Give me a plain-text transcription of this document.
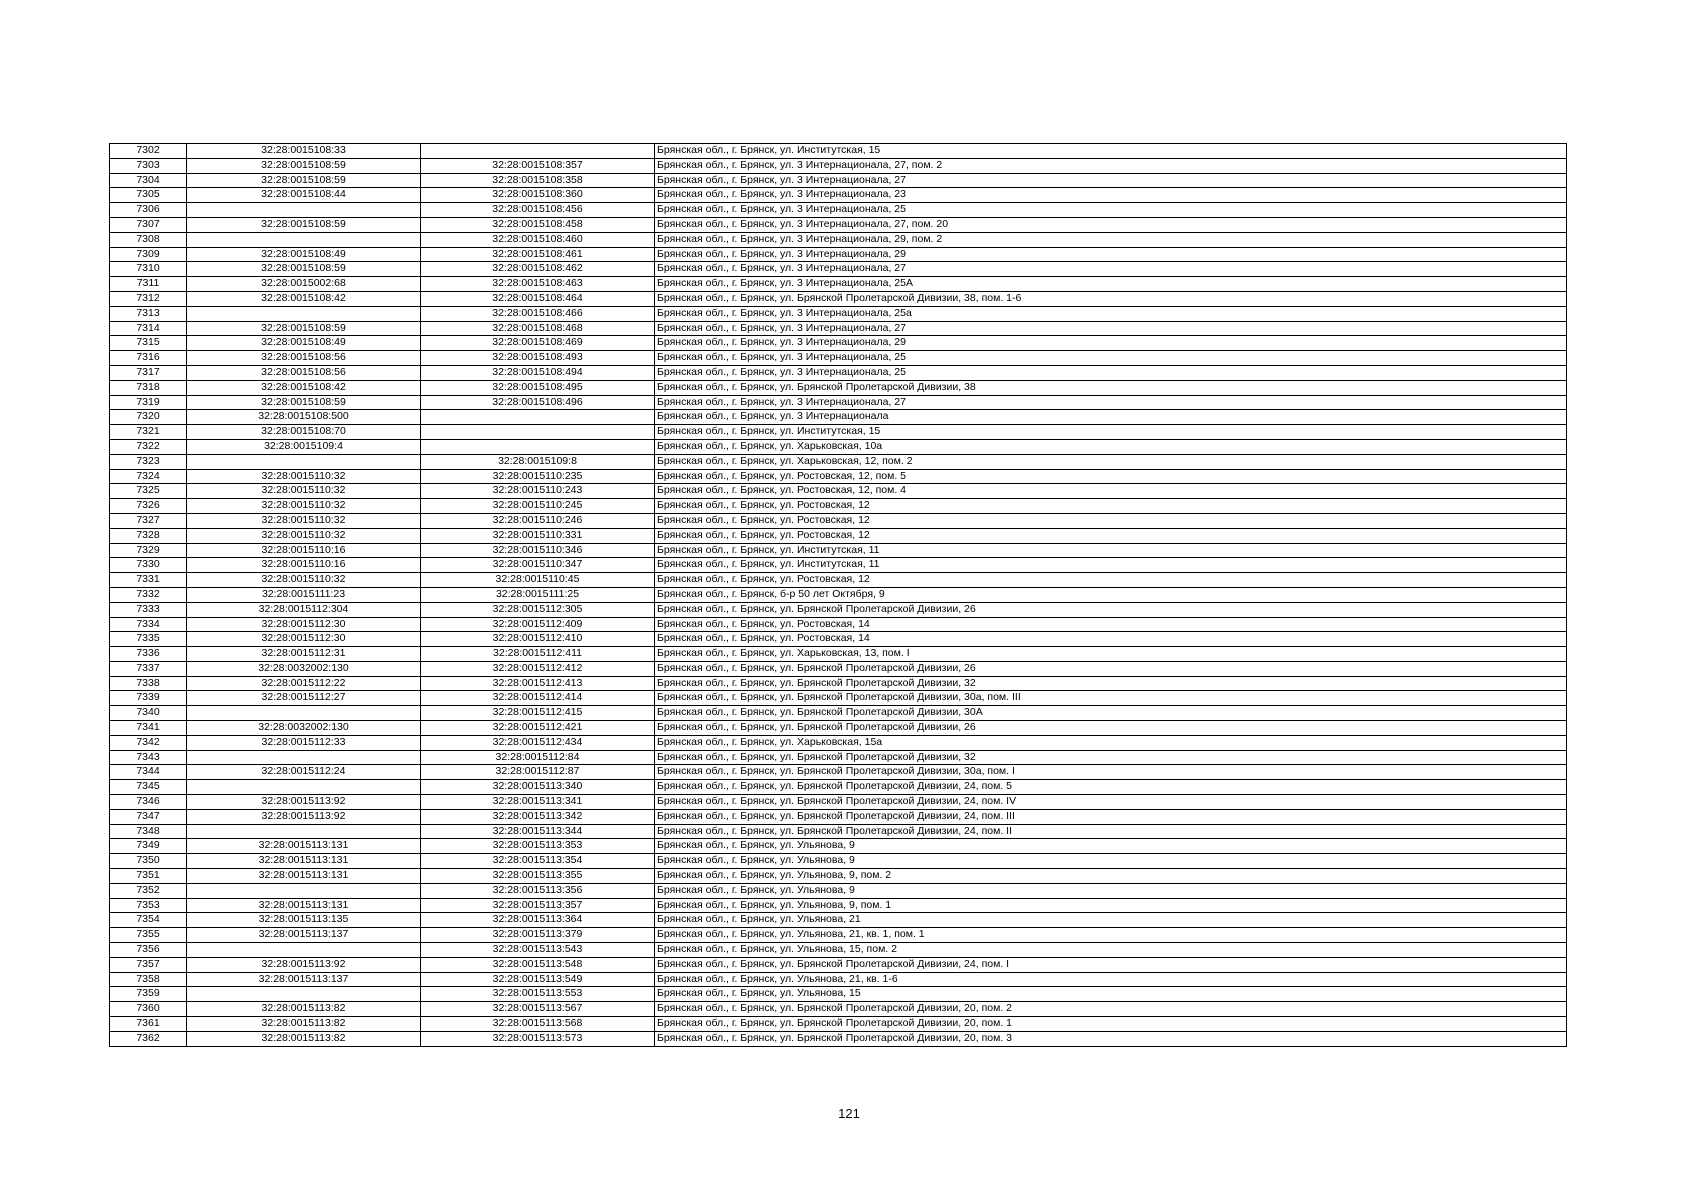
7302	32:28:0015108:33		Брянская обл., г. Брянск, ул. Институтская, 15
7303	32:28:0015108:59	32:28:0015108:357	Брянская обл., г. Брянск, ул. 3 Интернационала, 27, пом. 2
7304	32:28:0015108:59	32:28:0015108:358	Брянская обл., г. Брянск, ул. 3 Интернационала, 27
7305	32:28:0015108:44	32:28:0015108:360	Брянская обл., г. Брянск, ул. 3 Интернационала, 23
7306		32:28:0015108:456	Брянская обл., г. Брянск, ул. 3 Интернационала, 25
7307	32:28:0015108:59	32:28:0015108:458	Брянская обл., г. Брянск, ул. 3 Интернационала, 27, пом. 20
7308		32:28:0015108:460	Брянская обл., г. Брянск, ул. 3 Интернационала, 29, пом. 2
7309	32:28:0015108:49	32:28:0015108:461	Брянская обл., г. Брянск, ул. 3 Интернационала, 29
7310	32:28:0015108:59	32:28:0015108:462	Брянская обл., г. Брянск, ул. 3 Интернационала, 27
7311	32:28:0015002:68	32:28:0015108:463	Брянская обл., г. Брянск, ул. 3 Интернационала, 25А
7312	32:28:0015108:42	32:28:0015108:464	Брянская обл., г. Брянск, ул. Брянской Пролетарской Дивизии, 38, пом. 1-6
7313		32:28:0015108:466	Брянская обл., г. Брянск, ул. 3 Интернационала, 25а
7314	32:28:0015108:59	32:28:0015108:468	Брянская обл., г. Брянск, ул. 3 Интернационала, 27
7315	32:28:0015108:49	32:28:0015108:469	Брянская обл., г. Брянск, ул. 3 Интернационала, 29
7316	32:28:0015108:56	32:28:0015108:493	Брянская обл., г. Брянск, ул. 3 Интернационала, 25
7317	32:28:0015108:56	32:28:0015108:494	Брянская обл., г. Брянск, ул. 3 Интернационала, 25
7318	32:28:0015108:42	32:28:0015108:495	Брянская обл., г. Брянск, ул. Брянской Пролетарской Дивизии, 38
7319	32:28:0015108:59	32:28:0015108:496	Брянская обл., г. Брянск, ул. 3 Интернационала, 27
7320	32:28:0015108:500		Брянская обл., г. Брянск, ул. 3 Интернационала
7321	32:28:0015108:70		Брянская обл., г. Брянск, ул. Институтская, 15
7322	32:28:0015109:4		Брянская обл., г. Брянск, ул. Харьковская, 10а
7323		32:28:0015109:8	Брянская обл., г. Брянск, ул. Харьковская, 12, пом. 2
7324	32:28:0015110:32	32:28:0015110:235	Брянская обл., г. Брянск, ул. Ростовская, 12, пом. 5
7325	32:28:0015110:32	32:28:0015110:243	Брянская обл., г. Брянск, ул. Ростовская, 12, пом. 4
7326	32:28:0015110:32	32:28:0015110:245	Брянская обл., г. Брянск, ул. Ростовская, 12
7327	32:28:0015110:32	32:28:0015110:246	Брянская обл., г. Брянск, ул. Ростовская, 12
7328	32:28:0015110:32	32:28:0015110:331	Брянская обл., г. Брянск, ул. Ростовская, 12
7329	32:28:0015110:16	32:28:0015110:346	Брянская обл., г. Брянск, ул. Институтская, 11
7330	32:28:0015110:16	32:28:0015110:347	Брянская обл., г. Брянск, ул. Институтская, 11
7331	32:28:0015110:32	32:28:0015110:45	Брянская обл., г. Брянск, ул. Ростовская, 12
7332	32:28:0015111:23	32:28:0015111:25	Брянская обл., г. Брянск, б-р 50 лет Октября, 9
7333	32:28:0015112:304	32:28:0015112:305	Брянская обл., г. Брянск, ул. Брянской Пролетарской Дивизии, 26
7334	32:28:0015112:30	32:28:0015112:409	Брянская обл., г. Брянск, ул. Ростовская, 14
7335	32:28:0015112:30	32:28:0015112:410	Брянская обл., г. Брянск, ул. Ростовская, 14
7336	32:28:0015112:31	32:28:0015112:411	Брянская обл., г. Брянск, ул. Харьковская, 13, пом. I
7337	32:28:0032002:130	32:28:0015112:412	Брянская обл., г. Брянск, ул. Брянской Пролетарской Дивизии, 26
7338	32:28:0015112:22	32:28:0015112:413	Брянская обл., г. Брянск, ул. Брянской Пролетарской Дивизии, 32
7339	32:28:0015112:27	32:28:0015112:414	Брянская обл., г. Брянск, ул. Брянской Пролетарской Дивизии, 30а, пом. III
7340		32:28:0015112:415	Брянская обл., г. Брянск, ул. Брянской Пролетарской Дивизии, 30А
7341	32:28:0032002:130	32:28:0015112:421	Брянская обл., г. Брянск, ул. Брянской Пролетарской Дивизии, 26
7342	32:28:0015112:33	32:28:0015112:434	Брянская обл., г. Брянск, ул. Харьковская, 15а
7343		32:28:0015112:84	Брянская обл., г. Брянск, ул. Брянской Пролетарской Дивизии, 32
7344	32:28:0015112:24	32:28:0015112:87	Брянская обл., г. Брянск, ул. Брянской Пролетарской Дивизии, 30а, пом. I
7345		32:28:0015113:340	Брянская обл., г. Брянск, ул. Брянской Пролетарской Дивизии, 24, пом. 5
7346	32:28:0015113:92	32:28:0015113:341	Брянская обл., г. Брянск, ул. Брянской Пролетарской Дивизии, 24, пом. IV
7347	32:28:0015113:92	32:28:0015113:342	Брянская обл., г. Брянск, ул. Брянской Пролетарской Дивизии, 24, пом. III
7348		32:28:0015113:344	Брянская обл., г. Брянск, ул. Брянской Пролетарской Дивизии, 24, пом. II
7349	32:28:0015113:131	32:28:0015113:353	Брянская обл., г. Брянск, ул. Ульянова, 9
7350	32:28:0015113:131	32:28:0015113:354	Брянская обл., г. Брянск, ул. Ульянова, 9
7351	32:28:0015113:131	32:28:0015113:355	Брянская обл., г. Брянск, ул. Ульянова, 9, пом. 2
7352		32:28:0015113:356	Брянская обл., г. Брянск, ул. Ульянова, 9
7353	32:28:0015113:131	32:28:0015113:357	Брянская обл., г. Брянск, ул. Ульянова, 9, пом. 1
7354	32:28:0015113:135	32:28:0015113:364	Брянская обл., г. Брянск, ул. Ульянова, 21
7355	32:28:0015113:137	32:28:0015113:379	Брянская обл., г. Брянск, ул. Ульянова, 21, кв. 1, пом. 1
7356		32:28:0015113:543	Брянская обл., г. Брянск, ул. Ульянова, 15, пом. 2
7357	32:28:0015113:92	32:28:0015113:548	Брянская обл., г. Брянск, ул. Брянской Пролетарской Дивизии, 24, пом. I
7358	32:28:0015113:137	32:28:0015113:549	Брянская обл., г. Брянск, ул. Ульянова, 21, кв. 1-6
7359		32:28:0015113:553	Брянская обл., г. Брянск, ул. Ульянова, 15
7360	32:28:0015113:82	32:28:0015113:567	Брянская обл., г. Брянск, ул. Брянской Пролетарской Дивизии, 20, пом. 2
7361	32:28:0015113:82	32:28:0015113:568	Брянская обл., г. Брянск, ул. Брянской Пролетарской Дивизии, 20, пом. 1
7362	32:28:0015113:82	32:28:0015113:573	Брянская обл., г. Брянск, ул. Брянской Пролетарской Дивизии, 20, пом. 3
121
